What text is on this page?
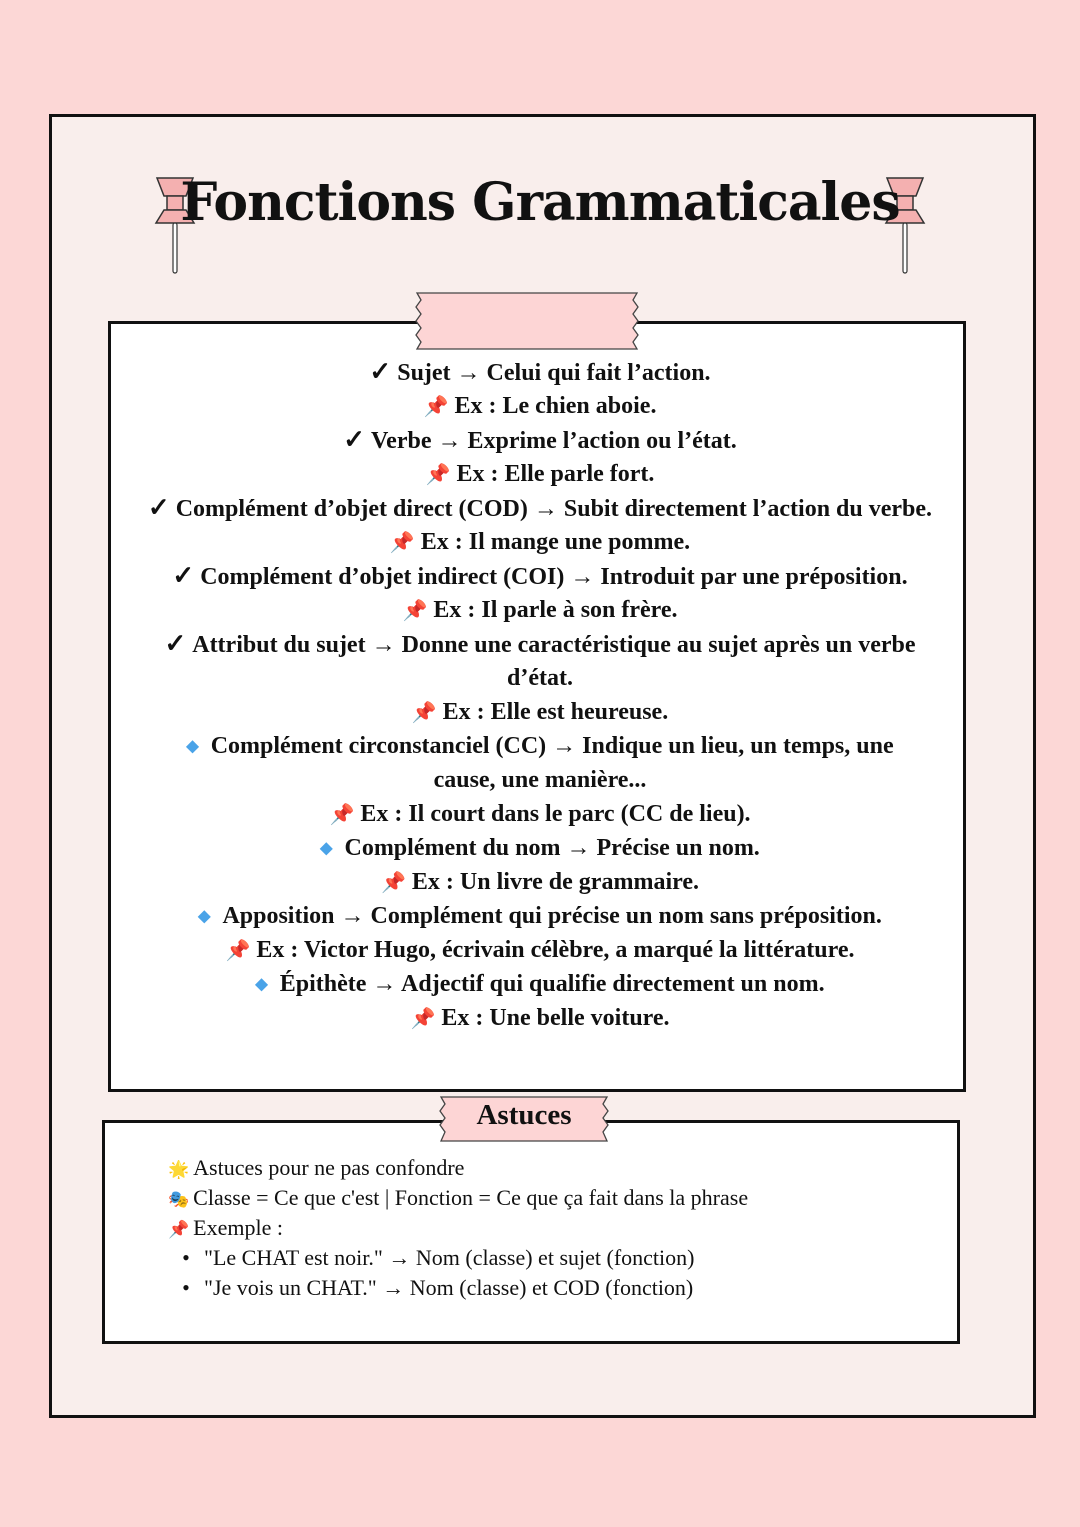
Fonctions Grammaticales
✓ Sujet → Celui qui fait l’action.
📌 Ex : Le chien aboie.
✓ Verbe → Exprime l’action ou l’état.
📌 Ex : Elle parle fort.
✓ Complément d’objet direct (COD) → Subit directement l’action du verbe.
📌 Ex : Il mange une pomme.
✓ Complément d’objet indirect (COI) → Introduit par une préposition.
📌 Ex : Il parle à son frère.
✓ Attribut du sujet → Donne une caractéristique au sujet après un verbe
d’état.
📌 Ex : Elle est heureuse.
◆ Complément circonstanciel (CC) → Indique un lieu, un temps, une
cause, une manière...
📌 Ex : Il court dans le parc (CC de lieu).
◆ Complément du nom → Précise un nom.
📌 Ex : Un livre de grammaire.
◆ Apposition → Complément qui précise un nom sans préposition.
📌 Ex : Victor Hugo, écrivain célèbre, a marqué la littérature.
◆ Épithète → Adjectif qui qualifie directement un nom.
📌 Ex : Une belle voiture.
Astuces
🌟 Astuces pour ne pas confondre
🎭 Classe = Ce que c'est | Fonction = Ce que ça fait dans la phrase
📌 Exemple :
• "Le CHAT est noir." → Nom (classe) et sujet (fonction)
• "Je vois un CHAT." → Nom (classe) et COD (fonction)
